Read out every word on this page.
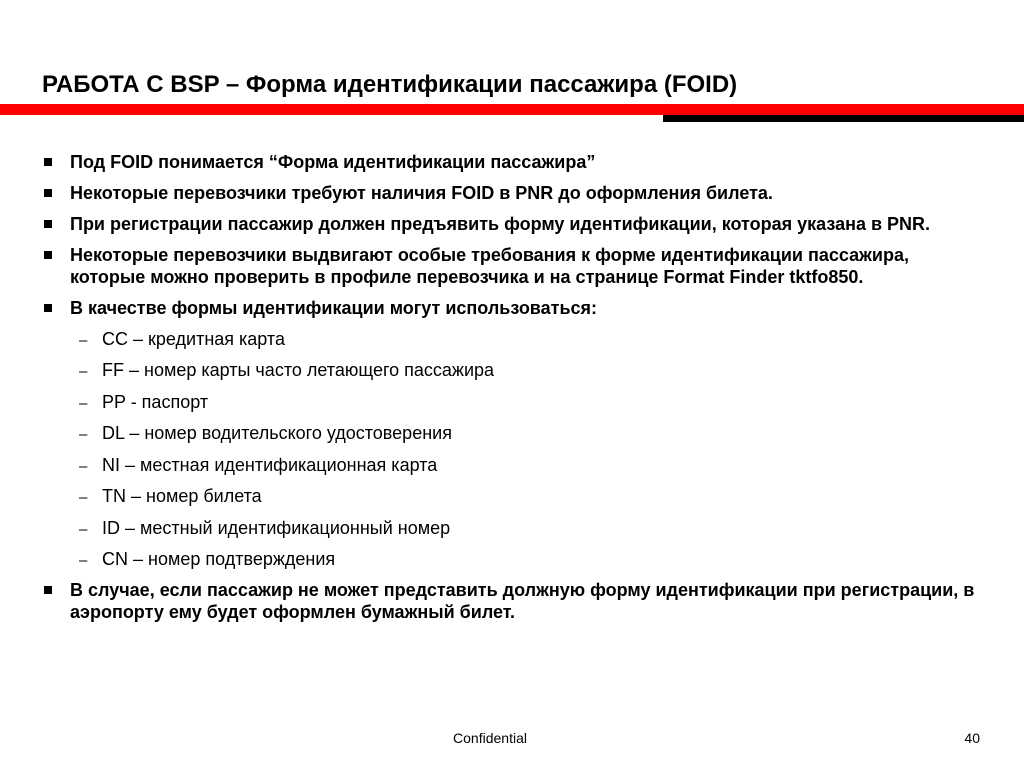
РАБОТА С BSP – Форма идентификации пассажира (FOID)
Под FOID понимается “Форма идентификации пассажира”
Некоторые перевозчики требуют наличия FOID в PNR до оформления билета.
При регистрации пассажир должен предъявить форму идентификации, которая указана в PNR.
Некоторые перевозчики выдвигают особые требования к форме идентификации пассажира, которые можно проверить в профиле перевозчика и на странице Format Finder tktfo850.
В качестве формы идентификации могут использоваться:
– CC – кредитная карта
– FF – номер карты часто летающего пассажира
– PP - паспорт
– DL – номер водительского удостоверения
– NI – местная идентификационная карта
– TN – номер билета
– ID – местный идентификационный номер
– CN – номер подтверждения
В случае, если пассажир не может представить должную форму идентификации при регистрации, в аэропорту ему будет оформлен бумажный билет.
Confidential	40
